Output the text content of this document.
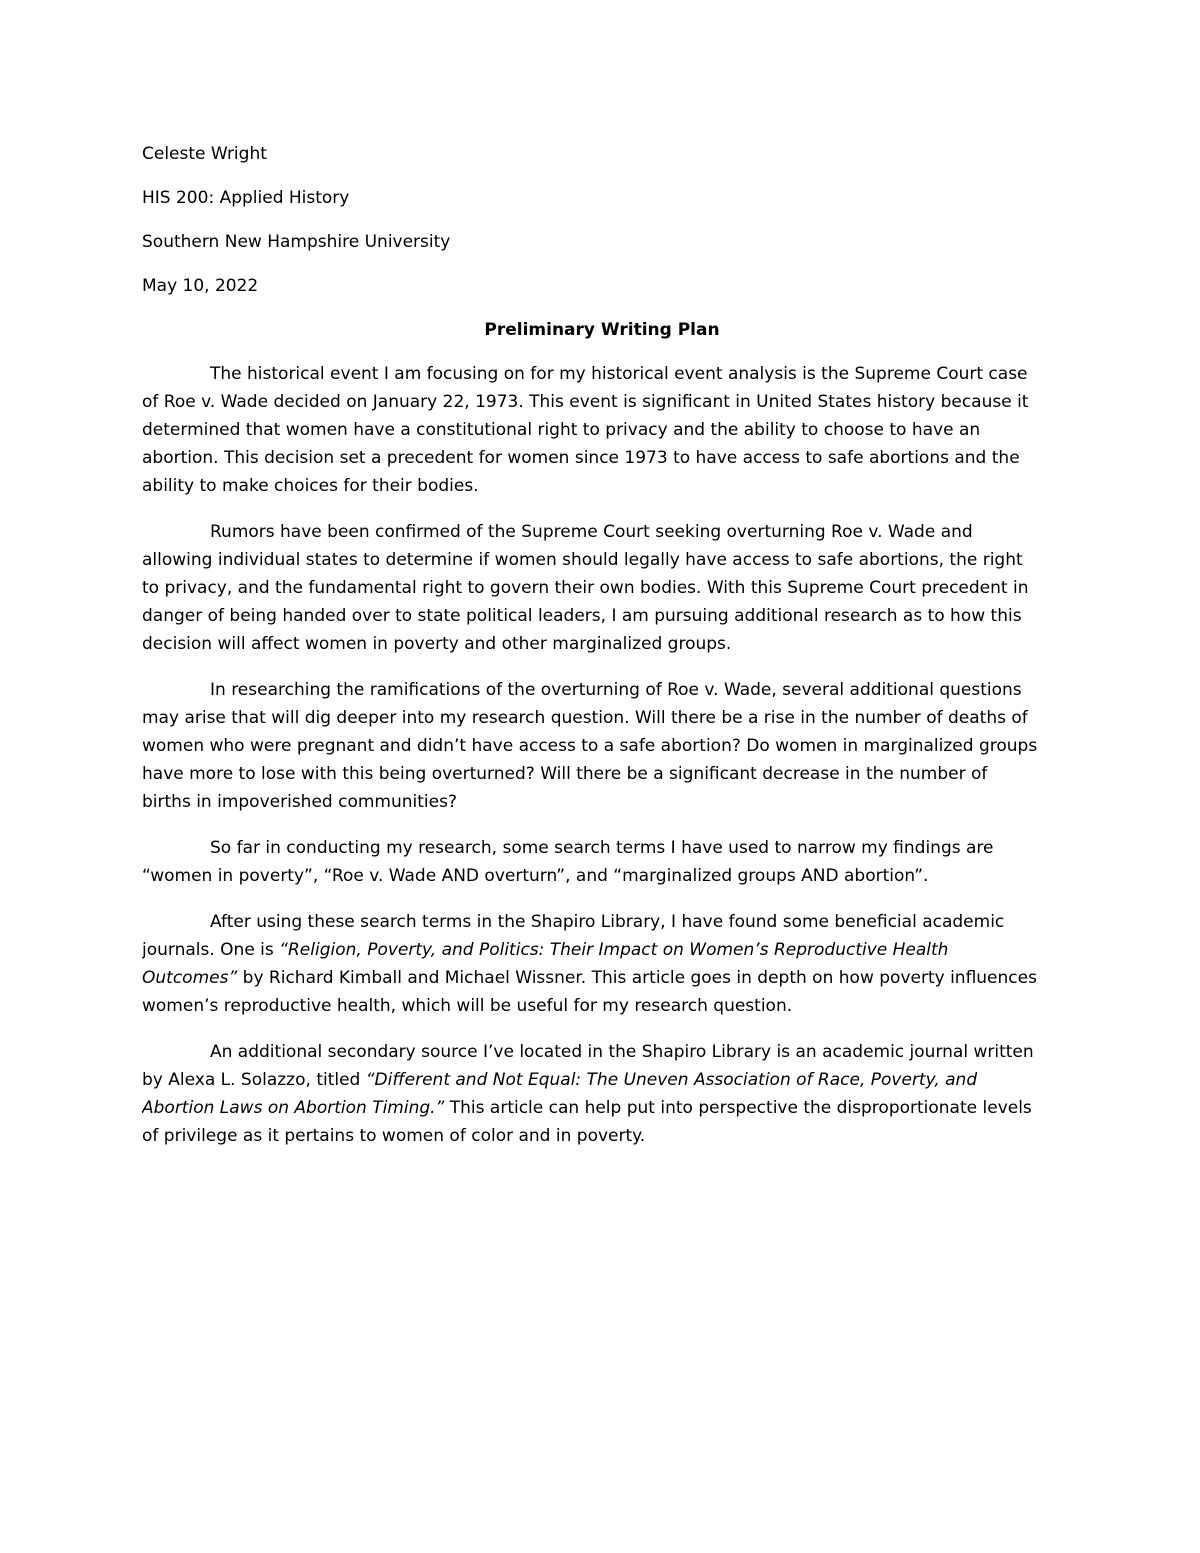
Celeste Wright
HIS 200: Applied History
Southern New Hampshire University
May 10, 2022
Preliminary Writing Plan
The historical event I am focusing on for my historical event analysis is the Supreme Court case
of Roe v. Wade decided on January 22, 1973. This event is significant in United States history because it
determined that women have a constitutional right to privacy and the ability to choose to have an
abortion. This decision set a precedent for women since 1973 to have access to safe abortions and the
ability to make choices for their bodies.
Rumors have been confirmed of the Supreme Court seeking overturning Roe v. Wade and
allowing individual states to determine if women should legally have access to safe abortions, the right
to privacy, and the fundamental right to govern their own bodies. With this Supreme Court precedent in
danger of being handed over to state political leaders, I am pursuing additional research as to how this
decision will affect women in poverty and other marginalized groups.
In researching the ramifications of the overturning of Roe v. Wade, several additional questions
may arise that will dig deeper into my research question. Will there be a rise in the number of deaths of
women who were pregnant and didn’t have access to a safe abortion? Do women in marginalized groups
have more to lose with this being overturned? Will there be a significant decrease in the number of
births in impoverished communities?
So far in conducting my research, some search terms I have used to narrow my findings are
“women in poverty”, “Roe v. Wade AND overturn”, and “marginalized groups AND abortion”.
After using these search terms in the Shapiro Library, I have found some beneficial academic
journals. One is “Religion, Poverty, and Politics: Their Impact on Women’s Reproductive Health
Outcomes” by Richard Kimball and Michael Wissner. This article goes in depth on how poverty influences
women’s reproductive health, which will be useful for my research question.
An additional secondary source I’ve located in the Shapiro Library is an academic journal written
by Alexa L. Solazzo, titled “Different and Not Equal: The Uneven Association of Race, Poverty, and
Abortion Laws on Abortion Timing.” This article can help put into perspective the disproportionate levels
of privilege as it pertains to women of color and in poverty.
